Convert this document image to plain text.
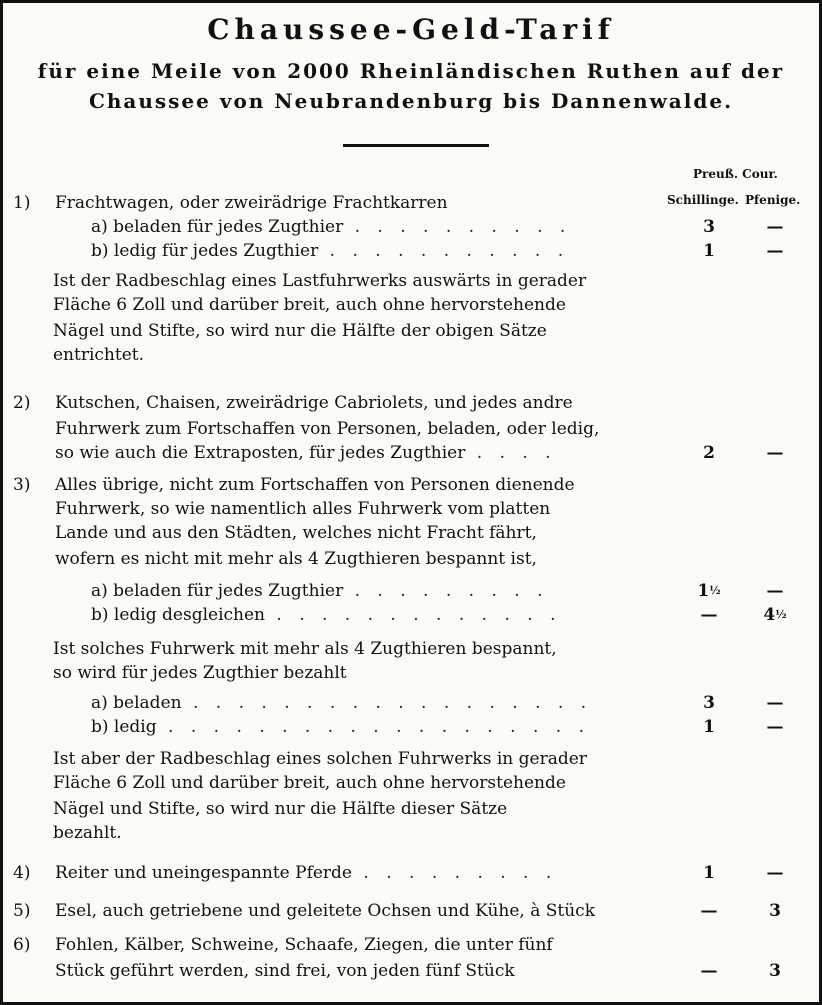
Chaussee-Geld-Tarif
für eine Meile von 2000 Rheinländischen Ruthen auf der
Chaussee von Neubrandenburg bis Dannenwalde.
Preuß. Cour.
Schillinge. Pfenige.
1) Frachtwagen, oder zweirädrige Frachtkarren
a) beladen für jedes Zugthier . . . . . . . . . .	3	—
b) ledig für jedes Zugthier . . . . . . . . . . .	1	—
Ist der Radbeschlag eines Lastfuhrwerks auswärts in gerader
Fläche 6 Zoll und darüber breit, auch ohne hervorstehende
Nägel und Stifte, so wird nur die Hälfte der obigen Sätze
entrichtet.
2) Kutschen, Chaisen, zweirädrige Cabriolets, und jedes andre
Fuhrwerk zum Fortschaffen von Personen, beladen, oder ledig,
so wie auch die Extraposten, für jedes Zugthier . . . .	2	—
3) Alles übrige, nicht zum Fortschaffen von Personen dienende
Fuhrwerk, so wie namentlich alles Fuhrwerk vom platten
Lande und aus den Städten, welches nicht Fracht fährt,
wofern es nicht mit mehr als 4 Zugthieren bespannt ist,
a) beladen für jedes Zugthier . . . . . . . . .	$1^{\frac{1}{2}}$	—
b) ledig desgleichen . . . . . . . . . . . . .	—	$4^{\frac{1}{2}}$
Ist solches Fuhrwerk mit mehr als 4 Zugthieren bespannt,
so wird für jedes Zugthier bezahlt
a) beladen . . . . . . . . . . . . . . . . . .	3	—
b) ledig . . . . . . . . . . . . . . . . . . .	1	—
Ist aber der Radbeschlag eines solchen Fuhrwerks in gerader
Fläche 6 Zoll und darüber breit, auch ohne hervorstehende
Nägel und Stifte, so wird nur die Hälfte dieser Sätze
bezahlt.
4) Reiter und uneingespannte Pferde . . . . . . . . .	1	—
5) Esel, auch getriebene und geleitete Ochsen und Kühe, à Stück	—	3
6) Fohlen, Kälber, Schweine, Schaafe, Ziegen, die unter fünf
Stück geführt werden, sind frei, von jeden fünf Stück	—	3
